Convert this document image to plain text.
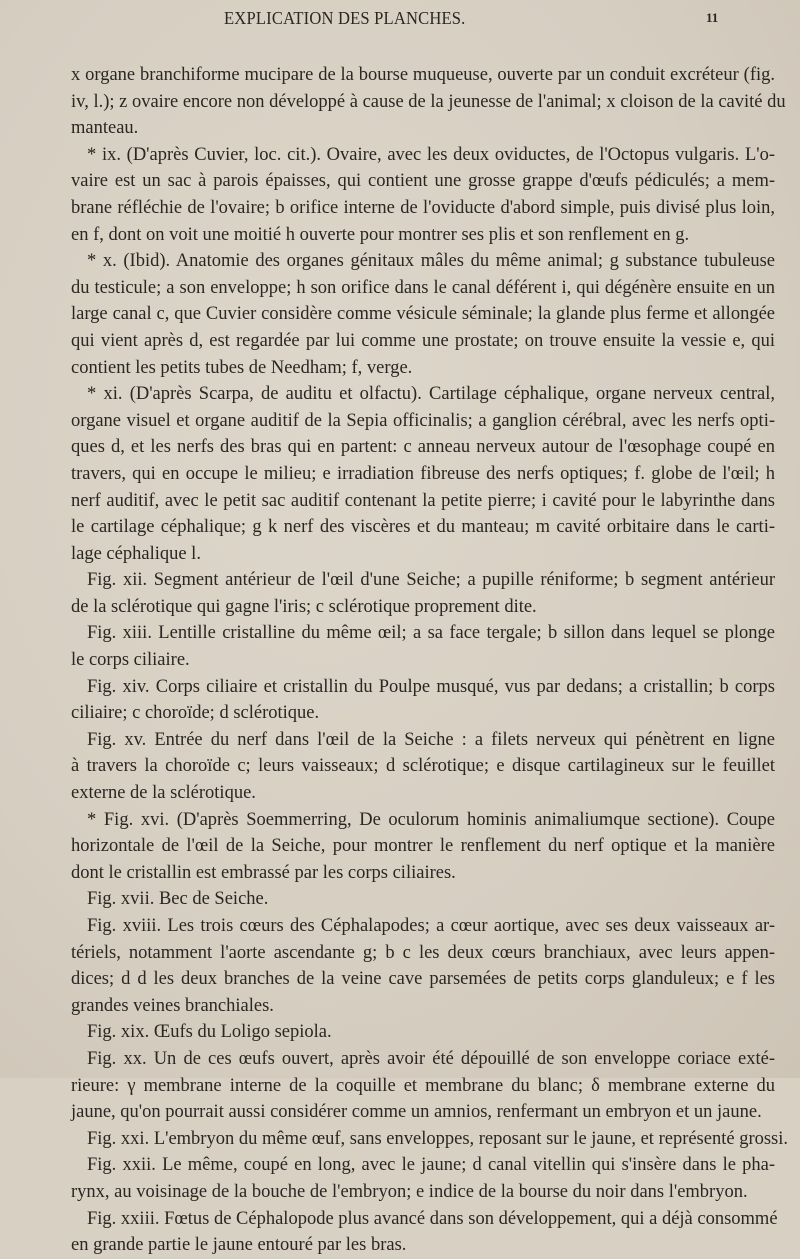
EXPLICATION DES PLANCHES.	11
x organe branchiforme mucipare de la bourse muqueuse, ouverte par un conduit excréteur (fig.
iv, l.); z ovaire encore non développé à cause de la jeunesse de l'animal; x cloison de la cavité du
manteau.
* ix. (D'après Cuvier, loc. cit.). Ovaire, avec les deux oviductes, de l'Octopus vulgaris. L'o-
vaire est un sac à parois épaisses, qui contient une grosse grappe d'œufs pédiculés; a mem-
brane réfléchie de l'ovaire; b orifice interne de l'oviducte d'abord simple, puis divisé plus loin,
en f, dont on voit une moitié h ouverte pour montrer ses plis et son renflement en g.
* x. (Ibid). Anatomie des organes génitaux mâles du même animal; g substance tubuleuse
du testicule; a son enveloppe; h son orifice dans le canal déférent i, qui dégénère ensuite en un
large canal c, que Cuvier considère comme vésicule séminale; la glande plus ferme et allongée
qui vient après d, est regardée par lui comme une prostate; on trouve ensuite la vessie e, qui
contient les petits tubes de Needham; f, verge.
* xi. (D'après Scarpa, de auditu et olfactu). Cartilage céphalique, organe nerveux central,
organe visuel et organe auditif de la Sepia officinalis; a ganglion cérébral, avec les nerfs opti-
ques d, et les nerfs des bras qui en partent: c anneau nerveux autour de l'œsophage coupé en
travers, qui en occupe le milieu; e irradiation fibreuse des nerfs optiques; f. globe de l'œil; h
nerf auditif, avec le petit sac auditif contenant la petite pierre; i cavité pour le labyrinthe dans
le cartilage céphalique; g k nerf des viscères et du manteau; m cavité orbitaire dans le carti-
lage céphalique l.
Fig. xii. Segment antérieur de l'œil d'une Seiche; a pupille réniforme; b segment antérieur
de la sclérotique qui gagne l'iris; c sclérotique proprement dite.
Fig. xiii. Lentille cristalline du même œil; a sa face tergale; b sillon dans lequel se plonge
le corps ciliaire.
Fig. xiv. Corps ciliaire et cristallin du Poulpe musqué, vus par dedans; a cristallin; b corps
ciliaire; c choroïde; d sclérotique.
Fig. xv. Entrée du nerf dans l'œil de la Seiche : a filets nerveux qui pénètrent en ligne
à travers la choroïde c; leurs vaisseaux; d sclérotique; e disque cartilagineux sur le feuillet
externe de la sclérotique.
* Fig. xvi. (D'après Soemmerring, De oculorum hominis animaliumque sectione). Coupe
horizontale de l'œil de la Seiche, pour montrer le renflement du nerf optique et la manière
dont le cristallin est embrassé par les corps ciliaires.
Fig. xvii. Bec de Seiche.
Fig. xviii. Les trois cœurs des Céphalapodes; a cœur aortique, avec ses deux vaisseaux ar-
tériels, notamment l'aorte ascendante g; b c les deux cœurs branchiaux, avec leurs appen-
dices; d d les deux branches de la veine cave parsemées de petits corps glanduleux; e f les
grandes veines branchiales.
Fig. xix. Œufs du Loligo sepiola.
Fig. xx. Un de ces œufs ouvert, après avoir été dépouillé de son enveloppe coriace exté-
rieure: γ membrane interne de la coquille et membrane du blanc; δ membrane externe du
jaune, qu'on pourrait aussi considérer comme un amnios, renfermant un embryon et un jaune.
Fig. xxi. L'embryon du même œuf, sans enveloppes, reposant sur le jaune, et représenté grossi.
Fig. xxii. Le même, coupé en long, avec le jaune; d canal vitellin qui s'insère dans le pha-
rynx, au voisinage de la bouche de l'embryon; e indice de la bourse du noir dans l'embryon.
Fig. xxiii. Fœtus de Céphalopode plus avancé dans son développement, qui a déjà consommé
en grande partie le jaune entouré par les bras.
